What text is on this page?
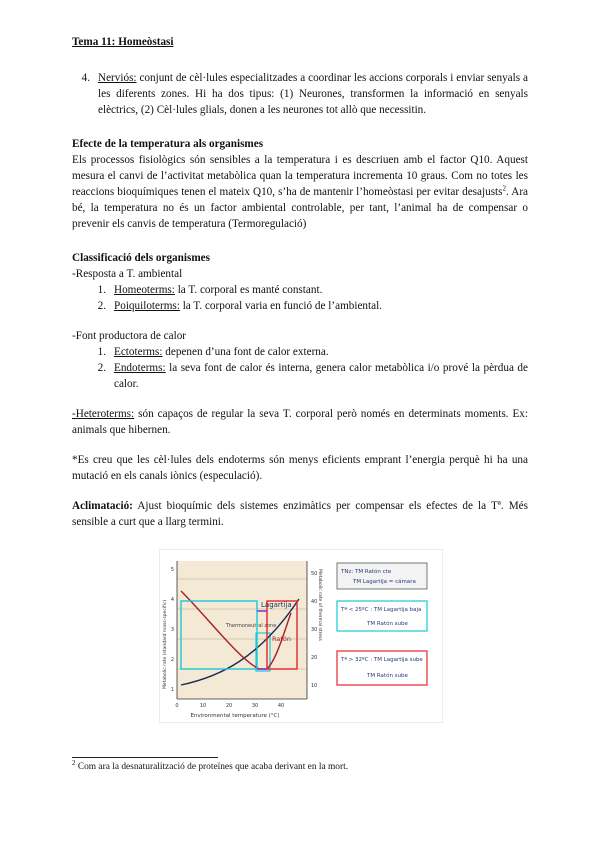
Tema 11: Homeòstasi
4. Nerviós: conjunt de cèl·lules especialitzades a coordinar les accions corporals i enviar senyals a les diferents zones. Hi ha dos tipus: (1) Neurones, transformen la informació en senyals elèctrics, (2) Cèl·lules glials, donen a les neurones tot allò que necessitin.
Efecte de la temperatura als organismes

Els processos fisiològics són sensibles a la temperatura i es descriuen amb el factor Q10. Aquest mesura el canvi de l’activitat metabòlica quan la temperatura incrementa 10 graus. Com no totes les reaccions bioquímiques tenen el mateix Q10, s’ha de mantenir l’homeòstasi per evitar desajusts$^2$. Ara bé, la temperatura no és un factor ambiental controlable, per tant, l’animal ha de compensar o prevenir els canvis de temperatura (Termoregulació)

Classificació dels organismes
-Resposta a T. ambiental
1. Homeoterms: la T. corporal es manté constant.
2. Poiquiloterms: la T. corporal varia en funció de l’ambiental.
-Font productora de calor
1. Ectoterms: depenen d’una font de calor externa.
2. Endoterms: la seva font de calor és interna, genera calor metabòlica i/o prové la pèrdua de calor.

-Heteroterms: són capaços de regular la seva T. corporal però només en determinats moments. Ex: animals que hibernen.

*Es creu que les cèl·lules dels endoterms són menys eficients emprant l’energia perquè hi ha una mutació en els canals iònics (especulació).

Aclimatació: Ajust bioquímic dels sistemes enzimàtics per compensar els efectes de la Tª. Més sensible a curt que a llarg termini.

0	10	20	30	40
5
4
3
2
1
50
40
30
20
10
Environmental temperature (°C)
Metabolic rate (standard mass-specific)	Metabolic rate of thermal stress
Thermoneutral zone
Lagartija
Ratón
TNz: TM Ratón cte
TM Lagartija = cámara
Tª < 25ºC : TM Lagartija baja
TM Ratón sube
Tª > 32ºC : TM Lagartija sube
TM Ratón sube
$^2$ Com ara la desnaturalització de proteïnes que acaba derivant en la mort.
